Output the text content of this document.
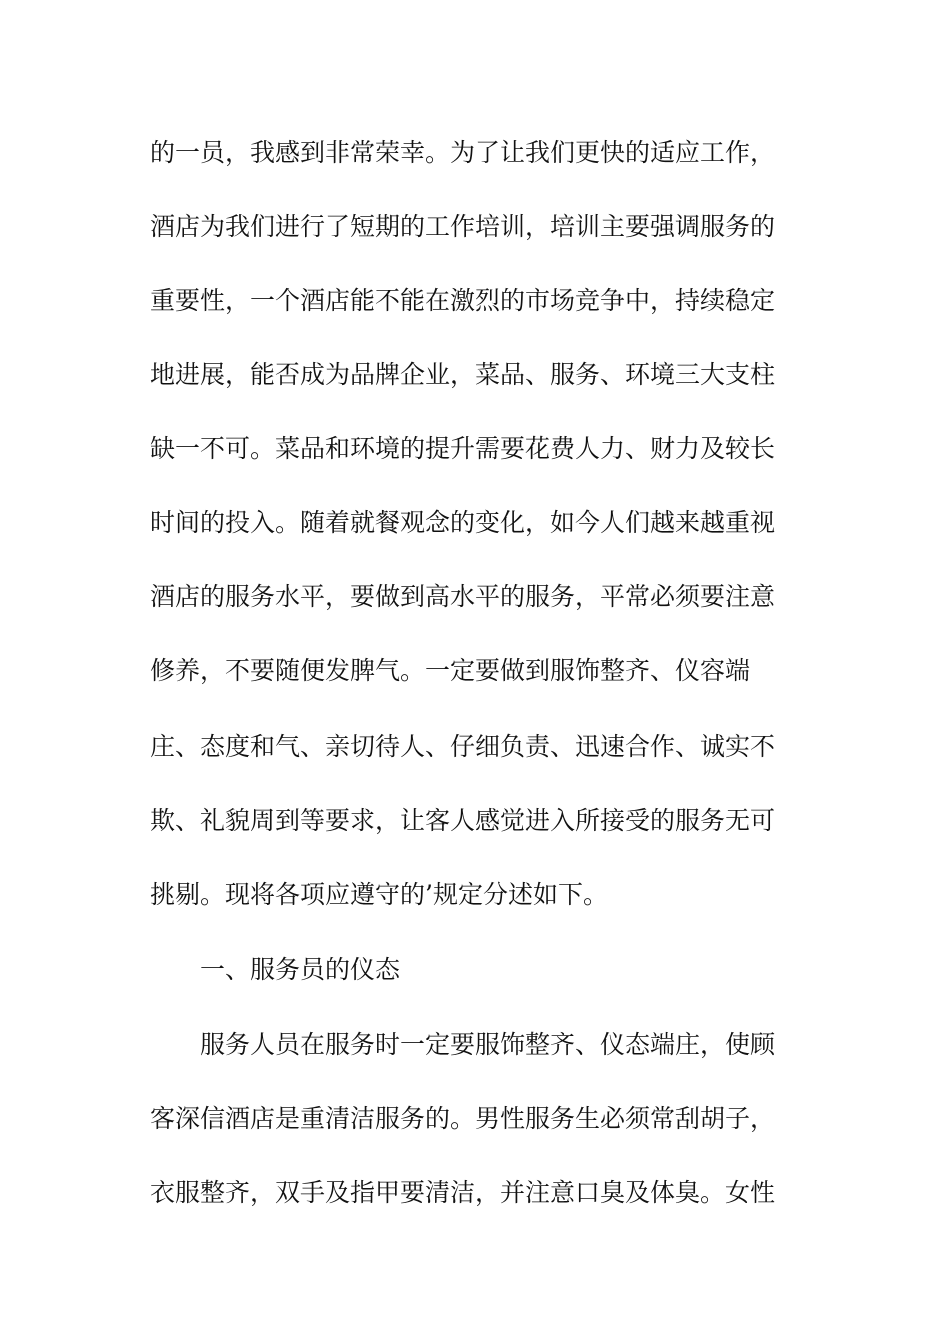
的一员，我感到非常荣幸。为了让我们更快的适应工作，
酒店为我们进行了短期的工作培训，培训主要强调服务的
重要性，一个酒店能不能在激烈的市场竞争中，持续稳定
地进展，能否成为品牌企业，菜品、服务、环境三大支柱
缺一不可。菜品和环境的提升需要花费人力、财力及较长
时间的投入。随着就餐观念的变化，如今人们越来越重视
酒店的服务水平，要做到高水平的服务，平常必须要注意
修养，不要随便发脾气。一定要做到服饰整齐、仪容端
庄、态度和气、亲切待人、仔细负责、迅速合作、诚实不
欺、礼貌周到等要求，让客人感觉进入所接受的服务无可
挑剔。现将各项应遵守的’规定分述如下。
一、服务员的仪态
服务人员在服务时一定要服饰整齐、仪态端庄，使顾
客深信酒店是重清洁服务的。男性服务生必须常刮胡子，
衣服整齐，双手及指甲要清洁，并注意口臭及体臭。女性
